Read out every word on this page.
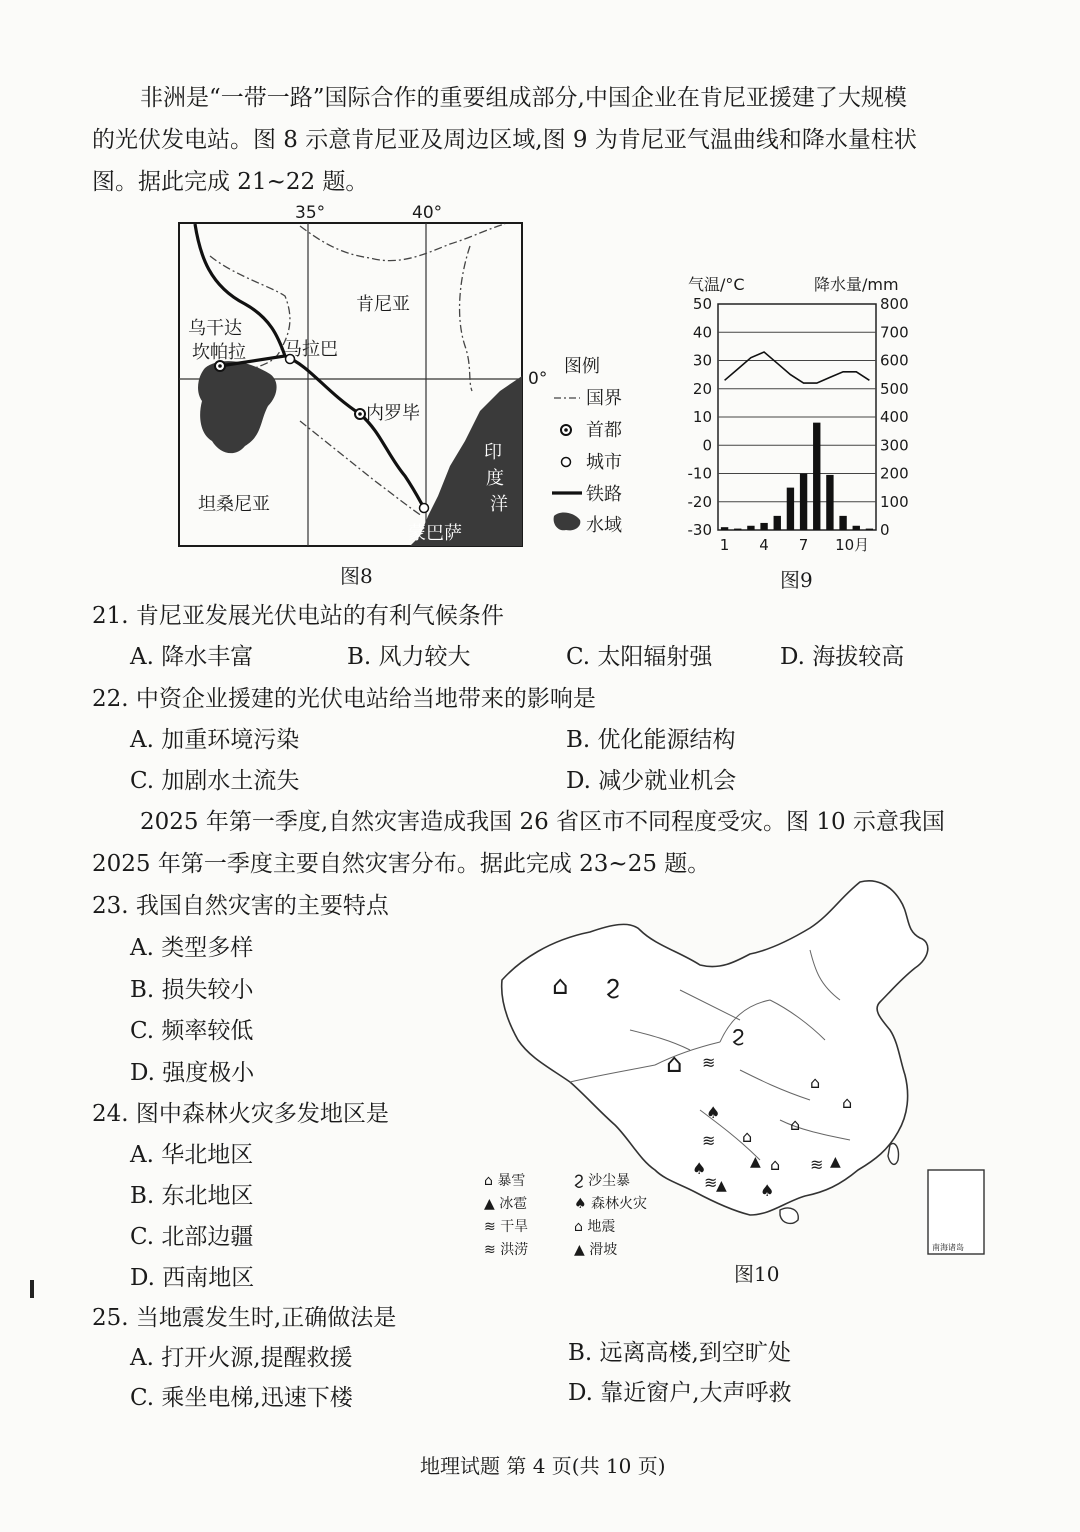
非洲是“一带一路”国际合作的重要组成部分,中国企业在肯尼亚援建了大规模
的光伏发电站。图 8 示意肯尼亚及周边区域,图 9 为肯尼亚气温曲线和降水量柱状
图。据此完成 21~22 题。
35°	40°
0°
肯尼亚
乌干达
坎帕拉 马拉巴
内罗毕
坦桑尼亚
蒙巴萨
印
度
洋
图例
国界
首都
城市
铁路
水域
图8
气温/°C	降水量/mm
50	800
40	700
30	600
20	500
10	400
0	300
-10	200
-20	100
-30	0
1 4 7 10月
图9
21. 肯尼亚发展光伏电站的有利气候条件
A. 降水丰富	B. 风力较大	C. 太阳辐射强	D. 海拔较高
22. 中资企业援建的光伏电站给当地带来的影响是
A. 加重环境污染	B. 优化能源结构
C. 加剧水土流失	D. 减少就业机会
2025 年第一季度,自然灾害造成我国 26 省区市不同程度受灾。图 10 示意我国
2025 年第一季度主要自然灾害分布。据此完成 23~25 题。
23. 我国自然灾害的主要特点
A. 类型多样
B. 损失较小
C. 频率较低
D. 强度极小
24. 图中森林火灾多发地区是
A. 华北地区
B. 东北地区
C. 北部边疆
D. 西南地区
⌂ Ϩ
⌂ ≋
Ϩ
♠
≋ ⌂
▲ ⌂
⌂
⌂
⌂
▲
≋
♠
≋
▲ ♠
南海诸岛
⌂ 暴雪
▲ 冰雹
≋ 干旱
≋ 洪涝
Ϩ 沙尘暴
♠ 森林火灾
⌂ 地震
▲ 滑坡
图10
25. 当地震发生时,正确做法是
A. 打开火源,提醒救援	B. 远离高楼,到空旷处
C. 乘坐电梯,迅速下楼	D. 靠近窗户,大声呼救
地理试题 第 4 页(共 10 页)
